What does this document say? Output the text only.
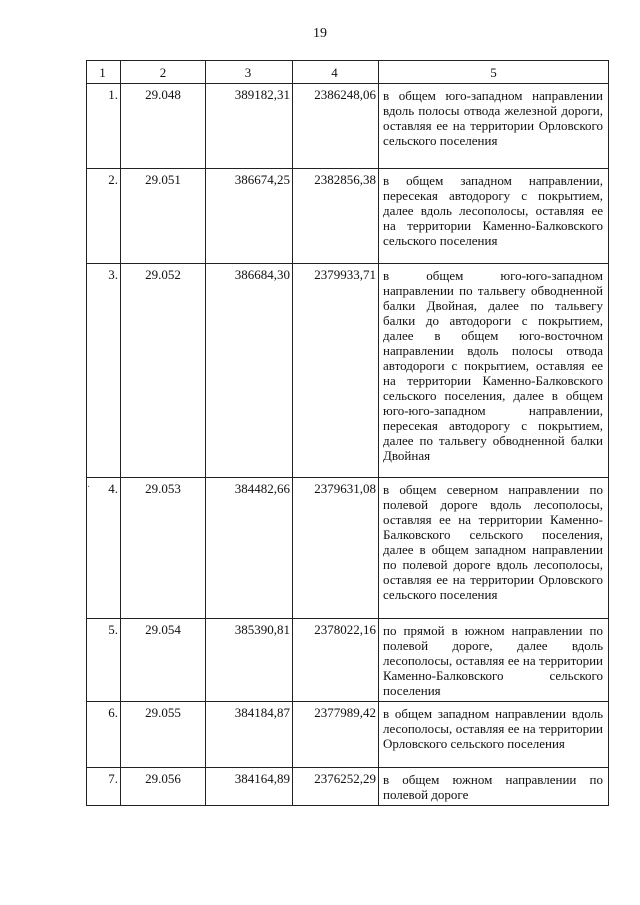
19
1	2	3	4	5
1.	29.048	389182,31	2386248,06	в общем юго-западном направлении вдоль полосы отвода железной дороги, оставляя ее на территории Орловского сельского поселения
2.	29.051	386674,25	2382856,38	в общем западном направлении, пересекая автодорогу с покрытием, далее вдоль лесополосы, оставляя ее на территории Каменно-Балковского сельского поселения
3.	29.052	386684,30	2379933,71	в общем юго-юго-западном направлении по тальвегу обводненной балки Двойная, далее по тальвегу балки до автодороги с покрытием, далее в общем юго-восточном направлении вдоль полосы отвода автодороги с покрытием, оставляя ее на территории Каменно-Балковского сельского поселения, далее в общем юго-юго-западном направлении, пересекая автодорогу с покрытием, далее по тальвегу обводненной балки Двойная
4.	29.053	384482,66	2379631,08	в общем северном направлении по полевой дороге вдоль лесополосы, оставляя ее на территории Каменно-Балковского сельского поселения, далее в общем западном направлении по полевой дороге вдоль лесополосы, оставляя ее на территории Орловского сельского поселения
5.	29.054	385390,81	2378022,16	по прямой в южном направлении по полевой дороге, далее вдоль лесополосы, оставляя ее на территории Каменно-Балковского сельского поселения
6.	29.055	384184,87	2377989,42	в общем западном направлении вдоль лесополосы, оставляя ее на территории Орловского сельского поселения
7.	29.056	384164,89	2376252,29	в общем южном направлении по полевой дороге
·
